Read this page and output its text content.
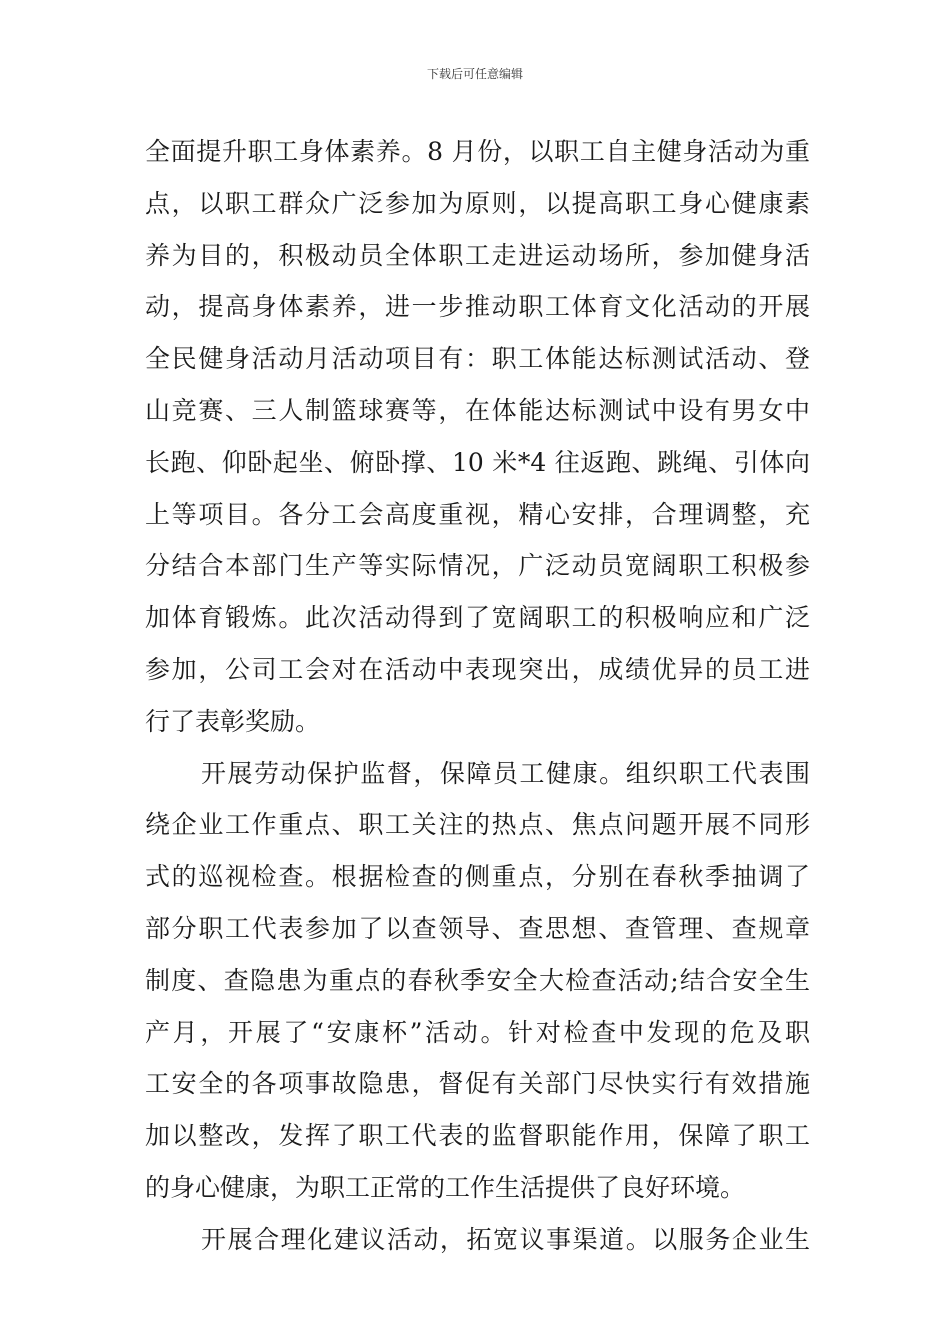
下载后可任意编辑
全面提升职工身体素养。8 月份，以职工自主健身活动为重
点，以职工群众广泛参加为原则，以提高职工身心健康素
养为目的，积极动员全体职工走进运动场所，参加健身活
动，提高身体素养，进一步推动职工体育文化活动的开展
全民健身活动月活动项目有：职工体能达标测试活动、登
山竞赛、三人制篮球赛等，在体能达标测试中设有男女中
长跑、仰卧起坐、俯卧撑、10 米*4 往返跑、跳绳、引体向
上等项目。各分工会高度重视，精心安排，合理调整，充
分结合本部门生产等实际情况，广泛动员宽阔职工积极参
加体育锻炼。此次活动得到了宽阔职工的积极响应和广泛
参加，公司工会对在活动中表现突出，成绩优异的员工进
行了表彰奖励。
开展劳动保护监督，保障员工健康。组织职工代表围
绕企业工作重点、职工关注的热点、焦点问题开展不同形
式的巡视检查。根据检查的侧重点，分别在春秋季抽调了
部分职工代表参加了以查领导、查思想、查管理、查规章
制度、查隐患为重点的春秋季安全大检查活动;结合安全生
产月，开展了“安康杯”活动。针对检查中发现的危及职
工安全的各项事故隐患，督促有关部门尽快实行有效措施
加以整改，发挥了职工代表的监督职能作用，保障了职工
的身心健康，为职工正常的工作生活提供了良好环境。
开展合理化建议活动，拓宽议事渠道。以服务企业生
